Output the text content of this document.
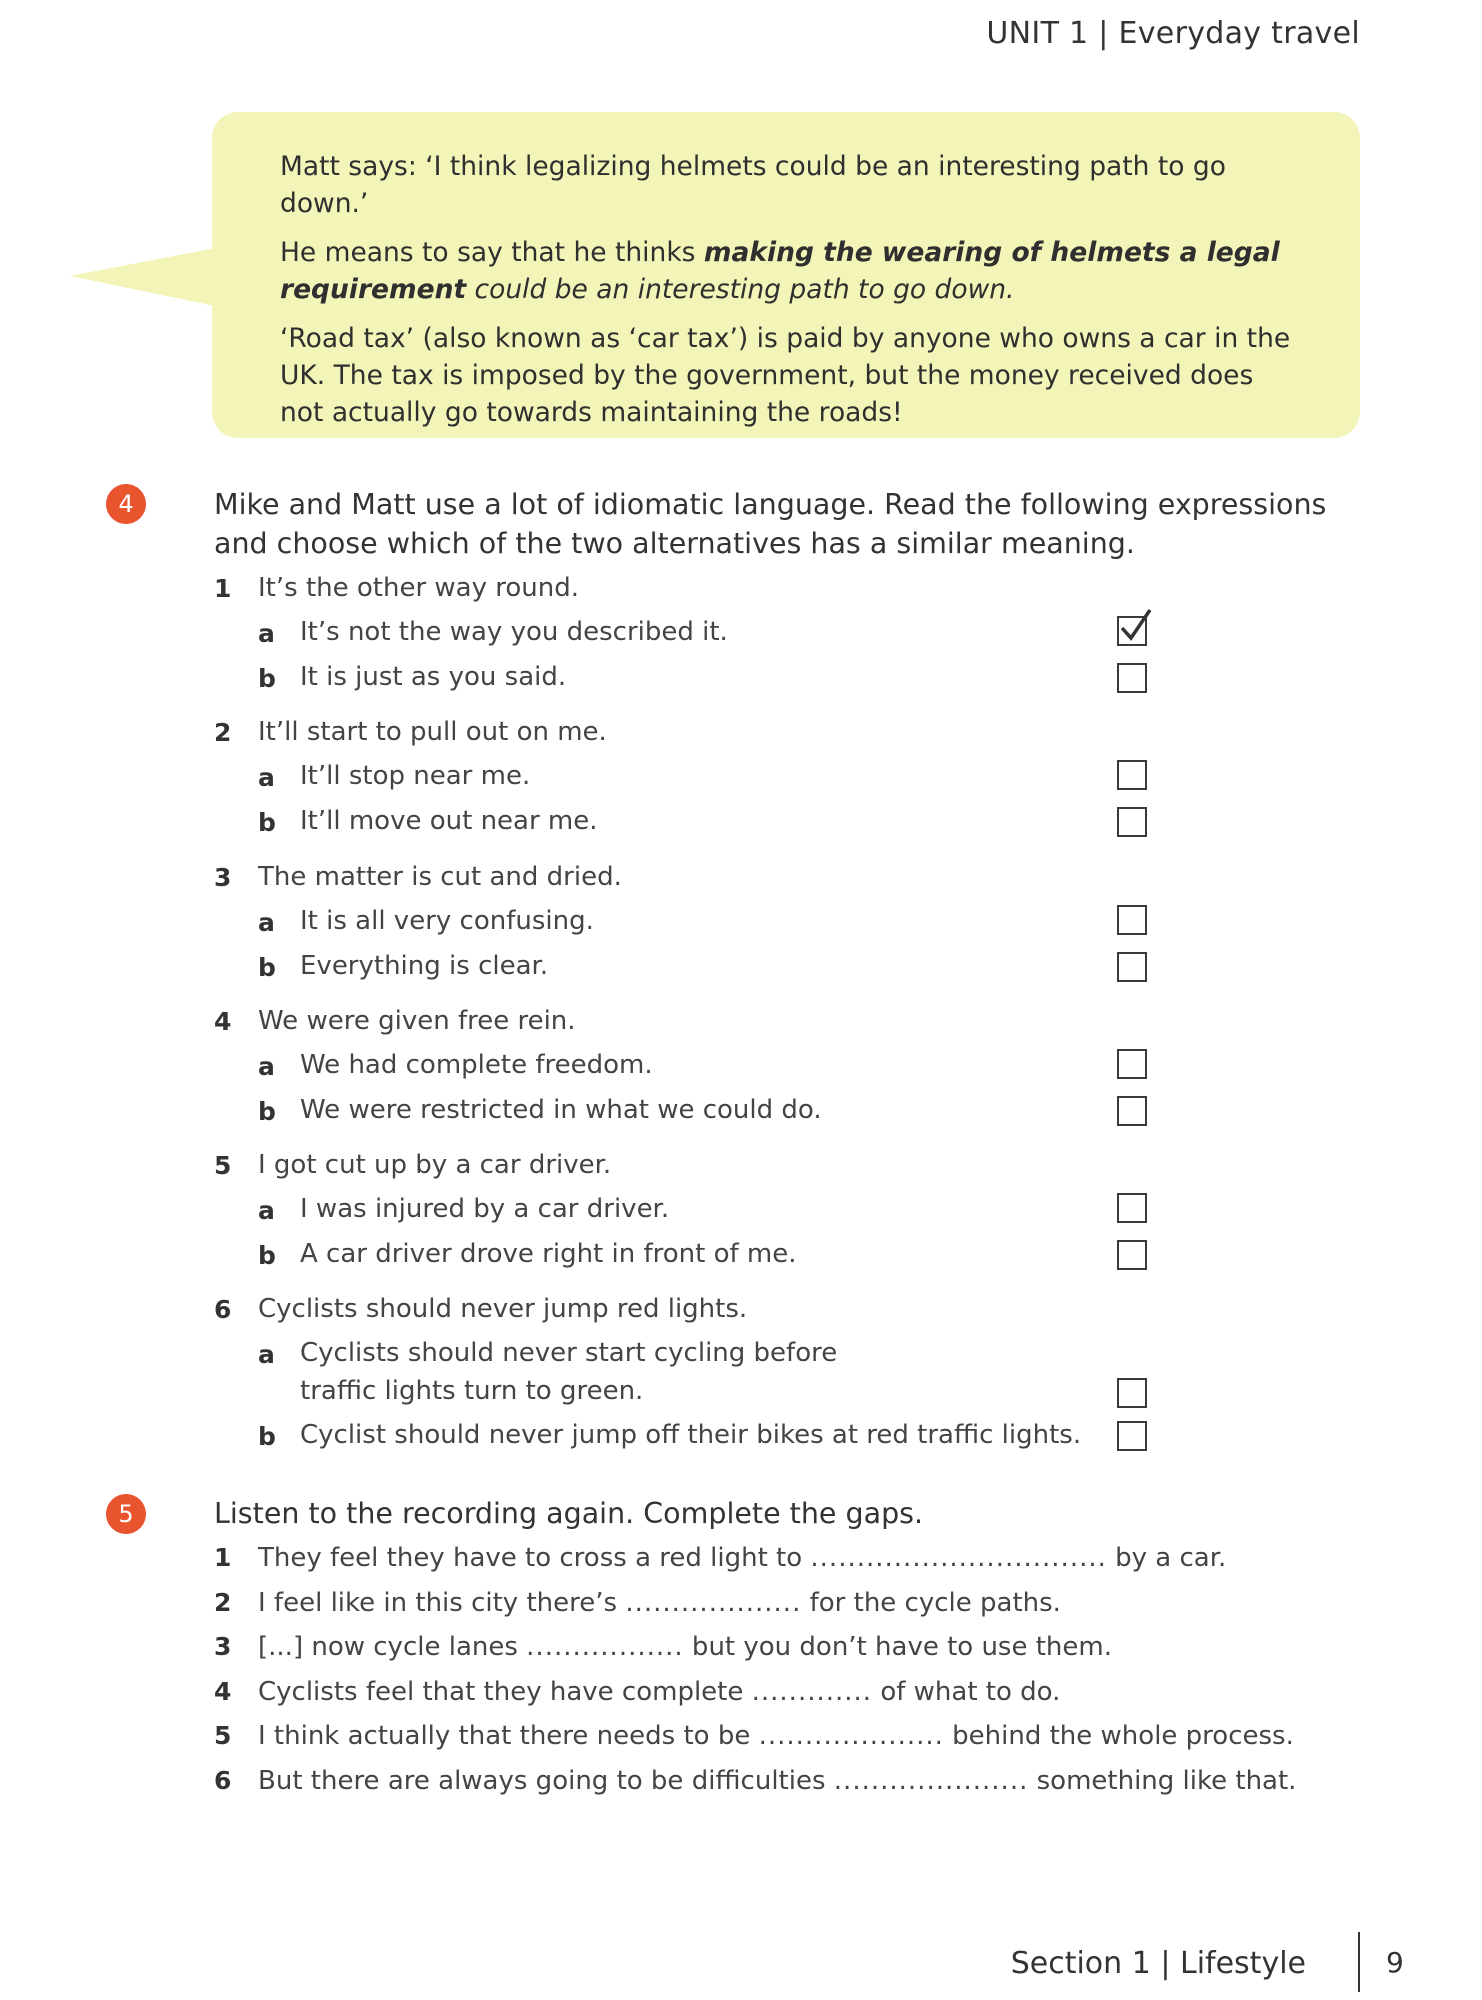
UNIT 1 | Everyday travel

Matt says: ‘I think legalizing helmets could be an interesting path to go down.’

He means to say that he thinks making the wearing of helmets a legal requirement could be an interesting path to go down.

‘Road tax’ (also known as ‘car tax’) is paid by anyone who owns a car in the UK. The tax is imposed by the government, but the money received does not actually go towards maintaining the roads!

4	Mike and Matt use a lot of idiomatic language. Read the following expressions and choose which of the two alternatives has a similar meaning.
1 It’s the other way round.
a It’s not the way you described it.
b It is just as you said.
2 It’ll start to pull out on me.
a It’ll stop near me.
b It’ll move out near me.
3 The matter is cut and dried.
a It is all very confusing.
b Everything is clear.
4 We were given free rein.
a We had complete freedom.
b We were restricted in what we could do.
5 I got cut up by a car driver.
a I was injured by a car driver.
b A car driver drove right in front of me.
6 Cyclists should never jump red lights.
a Cyclists should never start cycling before traffic lights turn to green.
b Cyclist should never jump off their bikes at red traffic lights.
5	Listen to the recording again. Complete the gaps.
1 They feel they have to cross a red light to ................................ by a car.
2 I feel like in this city there’s ................... for the cycle paths.
3 [...] now cycle lanes ................. but you don’t have to use them.
4 Cyclists feel that they have complete ............. of what to do.
5 I think actually that there needs to be .................... behind the whole process.
6 But there are always going to be difficulties ..................... something like that.
Section 1 | Lifestyle	9
